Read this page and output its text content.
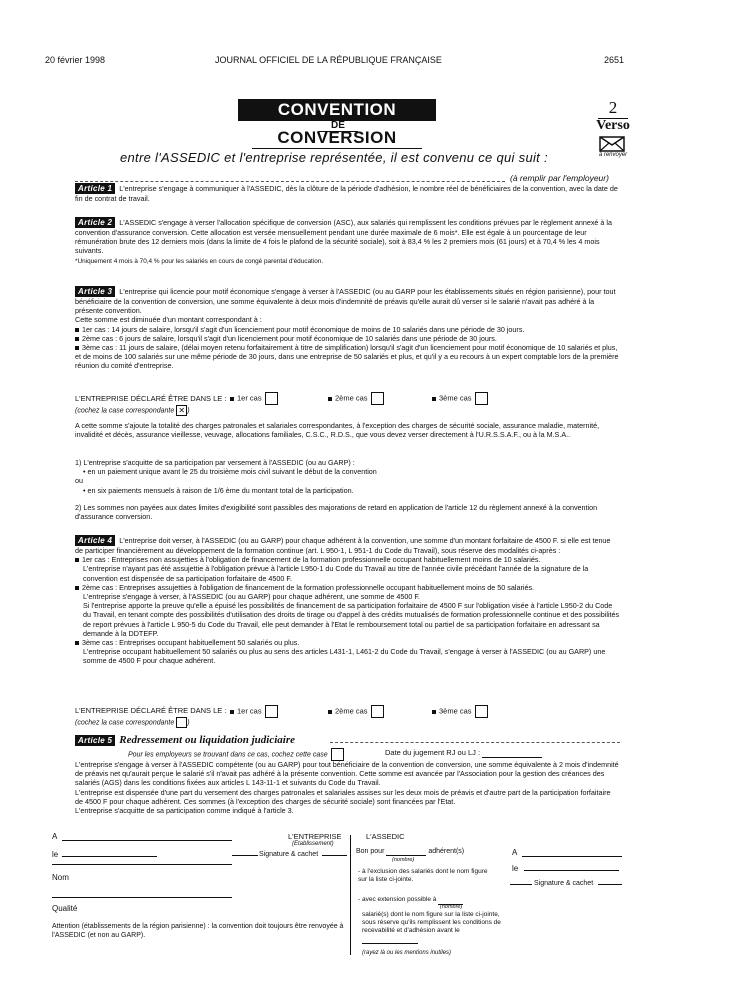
20 février 1998	JOURNAL OFFICIEL DE LA RÉPUBLIQUE FRANÇAISE	2651
CONVENTION
DE
CONVERSION
2
Verso
à renvoyer
entre l'ASSEDIC et l'entreprise représentée, il est convenu ce qui suit :
(à remplir par l'employeur)
Article 1 L'entreprise s'engage à communiquer à l'ASSEDIC, dès la clôture de la période d'adhésion, le nombre réel de bénéficiaires de la convention, avec la date de fin de contrat de travail.
Article 2 L'ASSEDIC s'engage à verser l'allocation spécifique de conversion (ASC), aux salariés qui remplissent les conditions prévues par le règlement annexé à la convention d'assurance conversion. Cette allocation est versée mensuellement pendant une durée maximale de 6 mois*. Elle est égale à un pourcentage de leur rémunération brute des 12 derniers mois (dans la limite de 4 fois le plafond de la sécurité sociale), soit à 83,4 % les 2 premiers mois (61 jours) et à 70,4 % les 4 mois suivants.

*Uniquement 4 mois à 70,4 % pour les salariés en cours de congé parental d'éducation.

Article 3 L'entreprise qui licencie pour motif économique s'engage à verser à l'ASSEDIC (ou au GARP pour les établissements situés en région parisienne), pour tout bénéficiaire de la convention de conversion, une somme équivalente à deux mois d'indemnité de préavis qu'elle aurait dû verser si le salarié n'avait pas adhéré à la présente convention.

Cette somme est diminuée d'un montant correspondant à :

1er cas : 14 jours de salaire, lorsqu'il s'agit d'un licenciement pour motif économique de moins de 10 salariés dans une période de 30 jours.

2ème cas : 6 jours de salaire, lorsqu'il s'agit d'un licenciement pour motif économique de 10 salariés dans une période de 30 jours.

3ème cas : 11 jours de salaire, (délai moyen retenu forfaitairement à titre de simplification) lorsqu'il s'agit d'un licenciement pour motif économique de 10 salariés et plus, et de moins de 100 salariés sur une même période de 30 jours, dans une entreprise de 50 salariés et plus, et qu'il y a eu recours à un expert comptable lors de la première réunion du comité d'entreprise.

L'ENTREPRISE DÉCLARÉ ÊTRE DANS LE :	1er cas	2ème cas	3ème cas
(cochez la case correspondante ✕ )
A cette somme s'ajoute la totalité des charges patronales et salariales correspondantes, à l'exception des charges de sécurité sociale, assurance maladie, maternité, invalidité et décès, assurance vieillesse, veuvage, allocations familiales, C.S.C., R.D.S., que vous devez verser directement à l'U.R.S.S.A.F., ou à la M.S.A..

1) L'entreprise s'acquitte de sa participation par versement à l'ASSEDIC (ou au GARP) :

• en un paiement unique avant le 25 du troisième mois civil suivant le début de la convention

ou

• en six paiements mensuels à raison de 1/6 ème du montant total de la participation.

2) Les sommes non payées aux dates limites d'exigibilité sont passibles des majorations de retard en application de l'article 12 du règlement annexé à la convention d'assurance conversion.
Article 4 L'entreprise doit verser, à l'ASSEDIC (ou au GARP) pour chaque adhérent à la convention, une somme d'un montant forfaitaire de 4500 F. si elle est tenue de participer financièrement au développement de la formation continue (art. L 950-1, L 951-1 du Code du Travail), sous réserve des modalités ci-après :

1er cas : Entreprises non assujetties à l'obligation de financement de la formation professionnelle occupant habituellement moins de 10 salariés.

L'entreprise n'ayant pas été assujettie à l'obligation prévue à l'article L950-1 du Code du Travail au titre de l'année civile précédant l'année de la signature de la convention est dispensée de sa participation forfaitaire de 4500 F.

2ème cas : Entreprises assujetties à l'obligation de financement de la formation professionnelle occupant habituellement moins de 50 salariés.

L'entreprise s'engage à verser, à l'ASSEDIC (ou au GARP) pour chaque adhérent, une somme de 4500 F.

Si l'entreprise apporte la preuve qu'elle a épuisé les possibilités de financement de sa participation forfaitaire de 4500 F sur l'obligation visée à l'article L950-2 du Code du Travail, en tenant compte des possibilités d'utilisation des droits de tirage ou d'appel à des crédits mutualisés de formation professionnelle continue et des possibilités de report prévues à l'article L 950-5 du Code du Travail, elle peut demander à l'Etat le remboursement total ou partiel de sa participation forfaitaire en adressant sa demande à la DDTEFP.

3ème cas : Entreprises occupant habituellement 50 salariés ou plus.

L'entreprise occupant habituellement 50 salariés ou plus au sens des articles L431-1, L461-2 du Code du Travail, s'engage à verser à l'ASSEDIC (ou au GARP) une somme de 4500 F pour chaque adhérent.

L'ENTREPRISE DÉCLARÉ ÊTRE DANS LE :	1er cas	2ème cas	3ème cas
(cochez la case correspondante )
Article 5 Redressement ou liquidation judiciaire
Pour les employeurs se trouvant dans ce cas, cochez cette case	Date du jugement RJ ou LJ :

L'entreprise s'engage à verser à l'ASSEDIC compétente (ou au GARP) pour tout bénéficiaire de la convention de conversion, une somme équivalente à 2 mois d'indemnité de préavis net qu'aurait perçue le salarié s'il n'avait pas adhéré à la présente convention. Cette somme est avancée par l'Association pour la gestion des créances des salariés (AGS) dans les conditions fixées aux articles L 143-11-1 et suivants du Code du Travail.

L'entreprise est dispensée d'une part du versement des charges patronales et salariales assises sur les deux mois de préavis et d'autre part de la participation forfaitaire de 4500 F pour chaque adhérent. Ces sommes (à l'exception des charges de sécurité sociale) sont financées par l'Etat.

L'entreprise s'acquitte de sa participation comme indiqué à l'article 3.

A
le

Nom
Qualité
Attention (établissements de la région parisienne) : la convention doit toujours être renvoyée à l'ASSEDIC (et non au GARP).
L'ENTREPRISE
(Etablissement)
Signature & cachet
L'ASSEDIC
Bon pour	adhérent(s)
(nombre)
- à l'exclusion des salariés dont le nom figure sur la liste ci-jointe.
- avec extension possible à
(nombre)
salarié(s) dont le nom figure sur la liste ci-jointe, sous réserve qu'ils remplissent les conditions de recevabilité et d'adhésion avant le
(rayez là ou les mentions inutiles)
A
le

Signature & cachet
